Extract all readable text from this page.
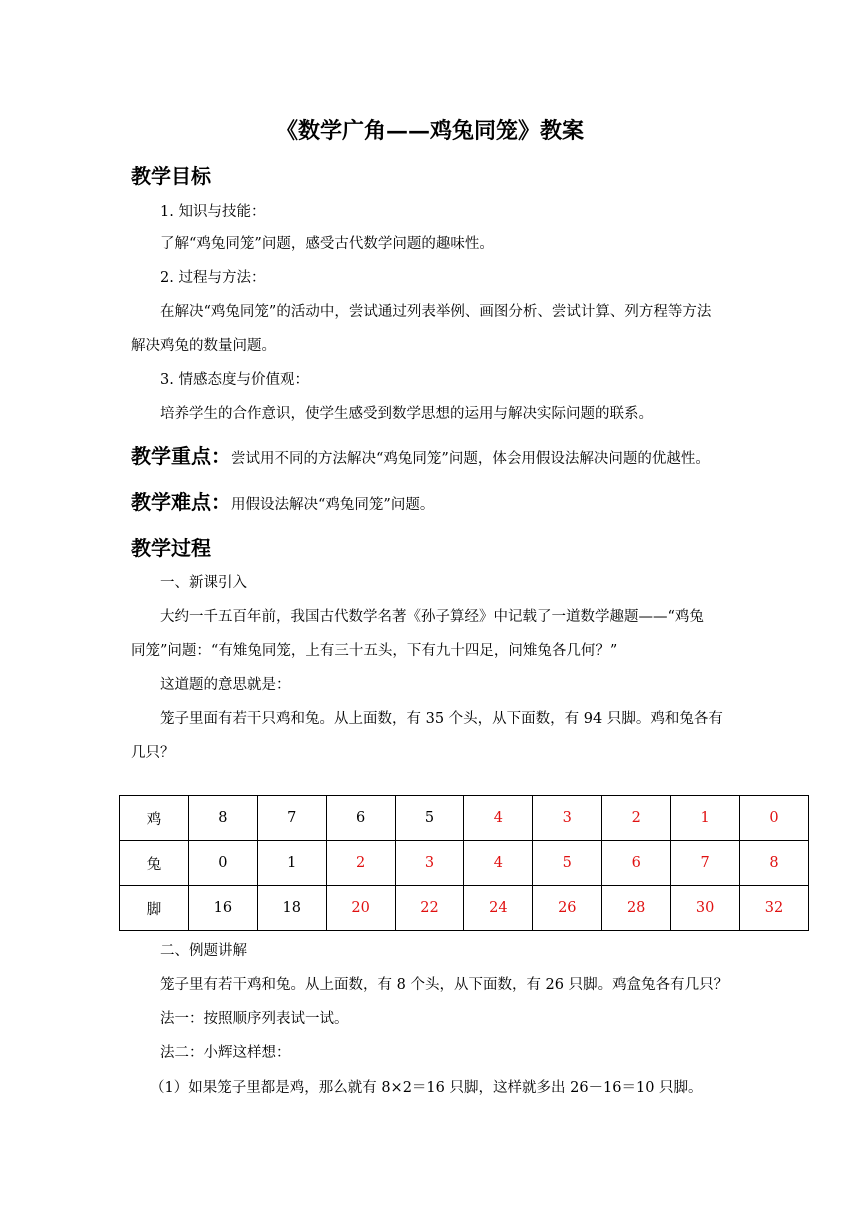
《数学广角——鸡兔同笼》教案
教学目标
1. 知识与技能：
了解“鸡兔同笼”问题，感受古代数学问题的趣味性。
2. 过程与方法：
在解决“鸡兔同笼”的活动中，尝试通过列表举例、画图分析、尝试计算、列方程等方法
解决鸡兔的数量问题。
3. 情感态度与价值观：
培养学生的合作意识，使学生感受到数学思想的运用与解决实际问题的联系。
教学重点：尝试用不同的方法解决“鸡兔同笼”问题，体会用假设法解决问题的优越性。
教学难点：用假设法解决“鸡兔同笼”问题。
教学过程
一、新课引入
大约一千五百年前，我国古代数学名著《孙子算经》中记载了一道数学趣题——“鸡兔
同笼”问题：“有雉兔同笼，上有三十五头，下有九十四足，问雉兔各几何？”
这道题的意思就是：
笼子里面有若干只鸡和兔。从上面数，有 35 个头，从下面数，有 94 只脚。鸡和兔各有
几只？
鸡	8	7	6	5	4	3	2	1	0
兔	0	1	2	3	4	5	6	7	8
脚	16	18	20	22	24	26	28	30	32
二、例题讲解
笼子里有若干鸡和兔。从上面数，有 8 个头，从下面数，有 26 只脚。鸡盒兔各有几只？
法一：按照顺序列表试一试。
法二：小辉这样想：
（1）如果笼子里都是鸡，那么就有 8×2＝16 只脚，这样就多出 26－16＝10 只脚。
